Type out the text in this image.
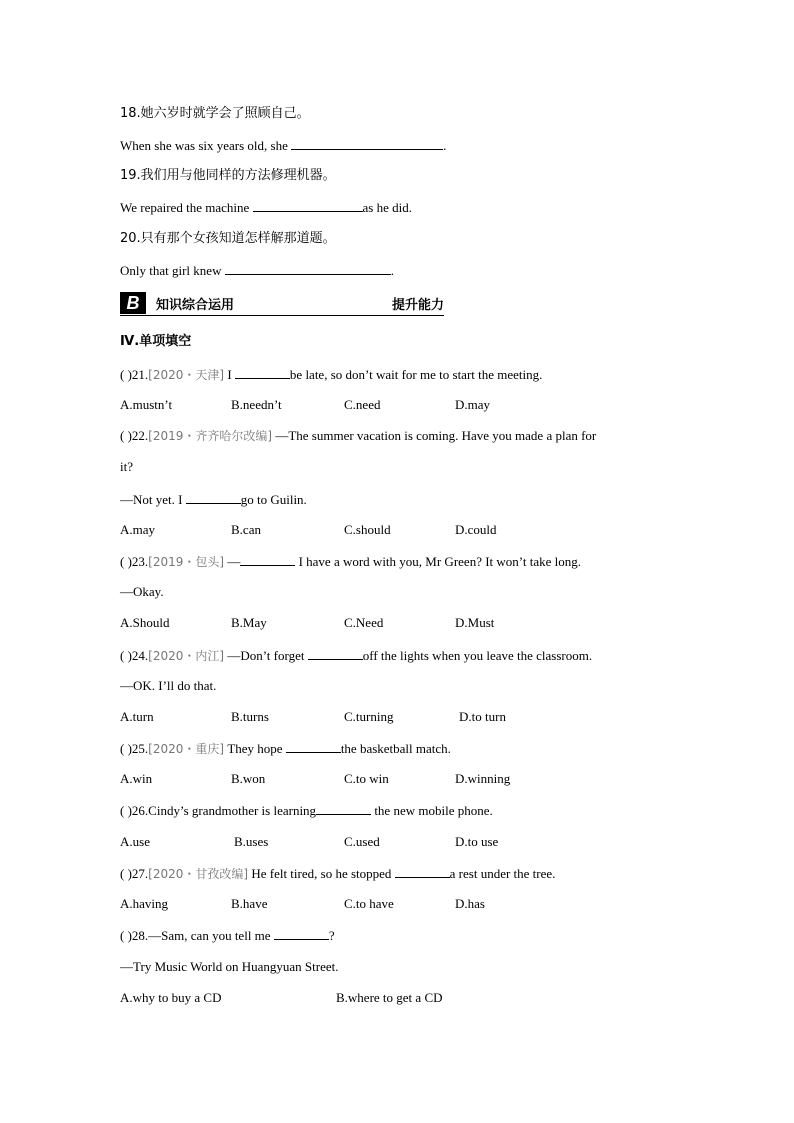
18.她六岁时就学会了照顾自己。
When she was six years old, she	.
19.我们用与他同样的方法修理机器。
We repaired the machine	as he did.
20.只有那个女孩知道怎样解那道题。
Only that girl knew	.
B	知识综合运用	提升能力
Ⅳ.单项填空
( )21.[2020・天津] I	be late, so don’t wait for me to start the meeting.
A.mustn’t	B.needn’t	C.need	D.may
( )22.[2019・齐齐哈尔改编] —The summer vacation is coming. Have you made a plan for
it?
—Not yet. I	go to Guilin.
A.may	B.can	C.should	D.could
( )23.[2019・包头] —	I have a word with you, Mr Green? It won’t take long.
—Okay.
A.Should	B.May	C.Need	D.Must
( )24.[2020・内江] —Don’t forget	off the lights when you leave the classroom.
—OK. I’ll do that.
A.turn	B.turns	C.turning	D.to turn
( )25.[2020・重庆] They hope	the basketball match.
A.win	B.won	C.to win	D.winning
( )26.Cindy’s grandmother is learning	the new mobile phone.
A.use	B.uses	C.used	D.to use
( )27.[2020・甘孜改编] He felt tired, so he stopped	a rest under the tree.
A.having	B.have	C.to have	D.has
( )28.—Sam, can you tell me	?
—Try Music World on Huangyuan Street.
A.why to buy a CD	B.where to get a CD
